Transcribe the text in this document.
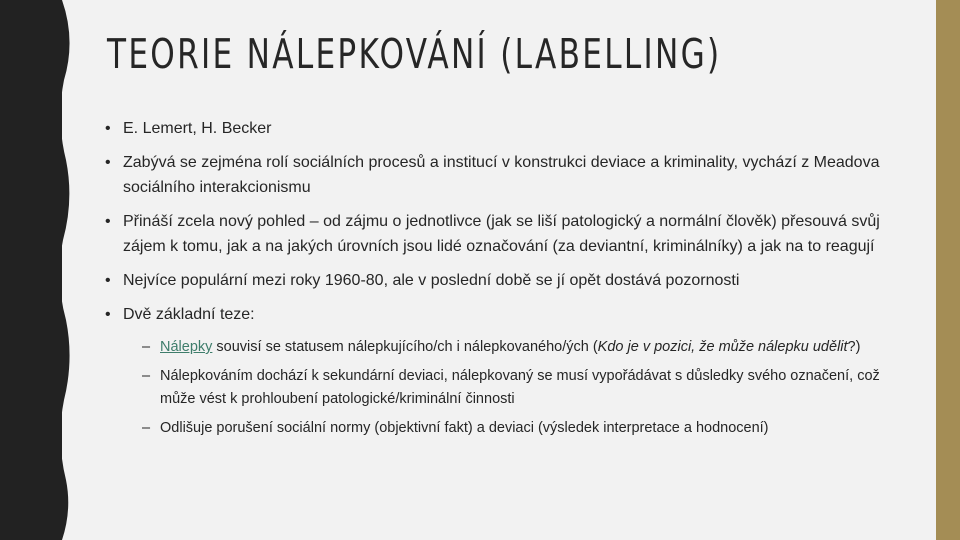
TEORIE NÁLEPKOVÁNÍ (LABELLING)
• E. Lemert, H. Becker
• Zabývá se zejména rolí sociálních procesů a institucí v konstrukci deviace a kriminality, vychází z Meadova sociálního interakcionismu
• Přináší zcela nový pohled – od zájmu o jednotlivce (jak se liší patologický a normální člověk) přesouvá svůj zájem k tomu, jak a na jakých úrovních jsou lidé označování (za deviantní, kriminálníky) a jak na to reagují
• Nejvíce populární mezi roky 1960-80, ale v poslední době se jí opět dostává pozornosti
• Dvě základní teze:
– Nálepky souvisí se statusem nálepkujícího/ch i nálepkovaného/ých (Kdo je v pozici, že může nálepku udělit?)
– Nálepkováním dochází k sekundární deviaci, nálepkovaný se musí vypořádávat s důsledky svého označení, což může vést k prohloubení patologické/kriminální činnosti
– Odlišuje porušení sociální normy (objektivní fakt) a deviaci (výsledek interpretace a hodnocení)
